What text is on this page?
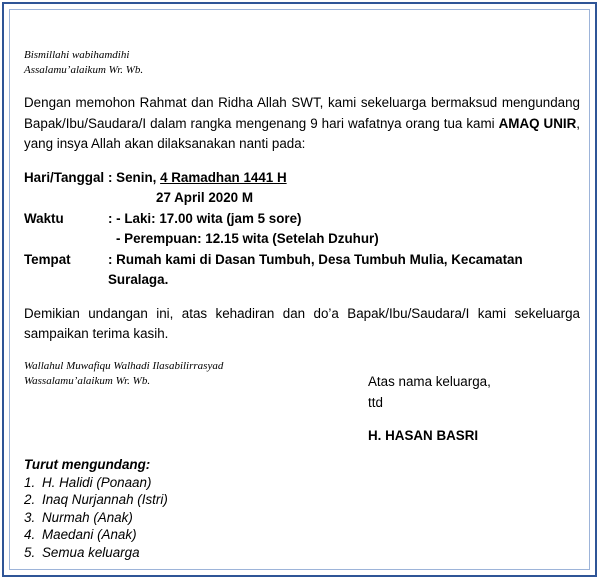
Bismillahi wabihamdihi
Assalamu’alaikum Wr. Wb.
Dengan memohon Rahmat dan Ridha Allah SWT, kami sekeluarga bermaksud mengundang Bapak/Ibu/Saudara/I dalam rangka mengenang 9 hari wafatnya orang tua kami AMAQ UNIR, yang insya Allah akan dilaksanakan nanti pada:
Hari/Tanggal : Senin, 4 Ramadhan 1441 H
27 April 2020 M
Waktu	: - Laki: 17.00 wita (jam 5 sore)
- Perempuan: 12.15 wita (Setelah Dzuhur)
Tempat	: Rumah kami di Dasan Tumbuh, Desa Tumbuh Mulia, Kecamatan Suralaga.
Demikian undangan ini, atas kehadiran dan do’a Bapak/Ibu/Saudara/I kami sekeluarga sampaikan terima kasih.
Wallahul Muwafiqu Walhadi Ilasabilirrasyad
Wassalamu’alaikum Wr. Wb.	Atas nama keluarga,
ttd
H. HASAN BASRI
Turut mengundang:
1. H. Halidi (Ponaan)
2. Inaq Nurjannah (Istri)
3. Nurmah (Anak)
4. Maedani (Anak)
5. Semua keluarga
